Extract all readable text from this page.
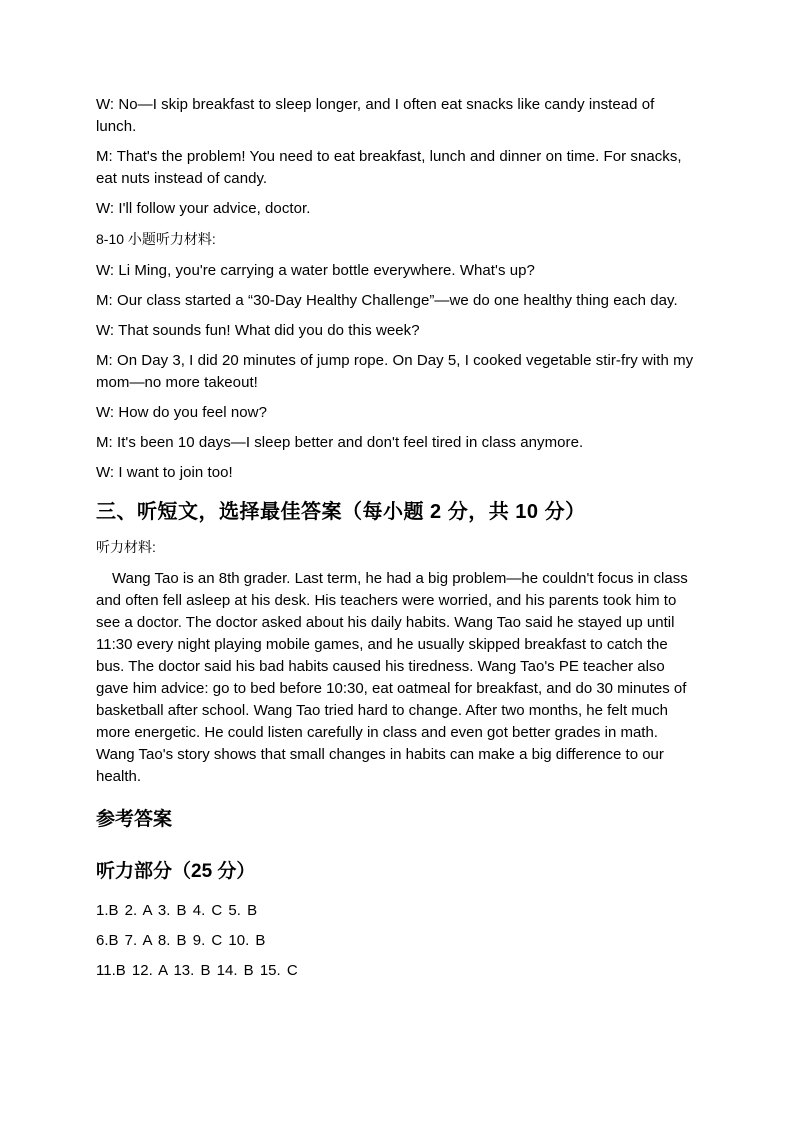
W: No—I skip breakfast to sleep longer, and I often eat snacks like candy instead of lunch.

M: That's the problem! You need to eat breakfast, lunch and dinner on time. For snacks, eat nuts instead of candy.

W: I'll follow your advice, doctor.

8-10 小题听力材料:

W: Li Ming, you're carrying a water bottle everywhere. What's up?

M: Our class started a “30-Day Healthy Challenge”—we do one healthy thing each day.

W: That sounds fun! What did you do this week?

M: On Day 3, I did 20 minutes of jump rope. On Day 5, I cooked vegetable stir-fry with my mom—no more takeout!

W: How do you feel now?

M: It's been 10 days—I sleep better and don't feel tired in class anymore.

W: I want to join too!

三、听短文，选择最佳答案（每小题 2 分，共 10 分）

听力材料:

Wang Tao is an 8th grader. Last term, he had a big problem—he couldn't focus in class and often fell asleep at his desk. His teachers were worried, and his parents took him to see a doctor. The doctor asked about his daily habits. Wang Tao said he stayed up until 11:30 every night playing mobile games, and he usually skipped breakfast to catch the bus. The doctor said his bad habits caused his tiredness. Wang Tao's PE teacher also gave him advice: go to bed before 10:30, eat oatmeal for breakfast, and do 30 minutes of basketball after school. Wang Tao tried hard to change. After two months, he felt much more energetic. He could listen carefully in class and even got better grades in math. Wang Tao's story shows that small changes in habits can make a big difference to our health.

参考答案
听力部分（25 分）

1.B 2. A 3. B 4. C 5. B

6.B 7. A 8. B 9. C 10. B

11.B 12. A 13. B 14. B 15. C
